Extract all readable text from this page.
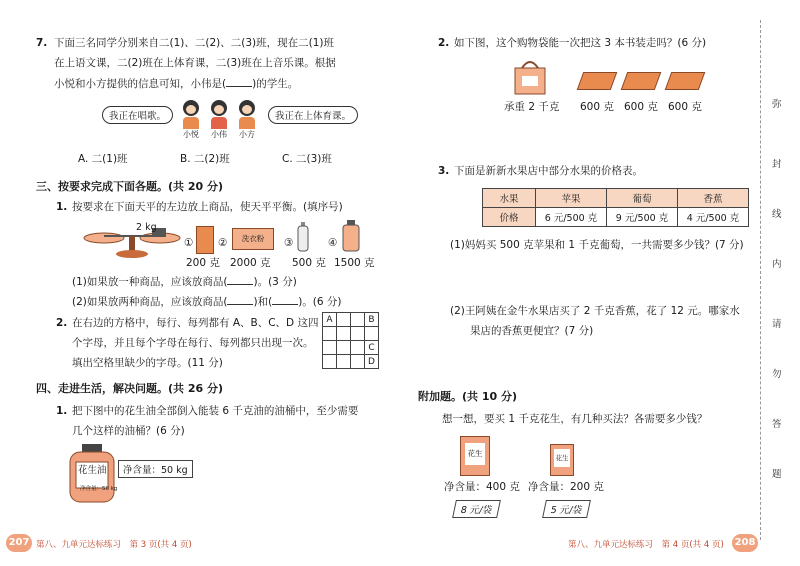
7. 下面三名同学分别来自二(1)、二(2)、二(3)班，现在二(1)班
在上语文课，二(2)班在上体育课，二(3)班在上音乐课。根据
小悦和小方提供的信息可知，小伟是( )的学生。
我正在唱歌。
小悦	小伟	小方
我正在上体育课。
A. 二(1)班	B. 二(2)班	C. 二(3)班
三、按要求完成下面各题。(共 20 分)
1. 按要求在下面天平的左边放上商品，使天平平衡。(填序号)
2 kg
①
200 克
②	洗衣粉
2000 克
③
500 克
④
1500 克
(1)如果放一种商品，应该放商品( )。(3 分)
(2)如果放两种商品，应该放商品( )和( )。(6 分)
2. 在右边的方格中，每行、每列都有 A、B、C、D 这四
个字母，并且每个字母在每行、每列都只出现一次。
填出空格里缺少的字母。(11 分)
A			B

			C
			D
四、走进生活，解决问题。(共 26 分)
1. 把下图中的花生油全部倒入能装 6 千克油的油桶中，至少需要
几个这样的油桶？(6 分)
花生油
净含量：50 kg
净含量：50 kg
207 第八、九单元达标练习　第 3 页(共 4 页)
2. 如下图，这个购物袋能一次把这 3 本书装走吗？(6 分)
承重 2 千克 600 克 600 克 600 克
3. 下面是新新水果店中部分水果的价格表。
水果	苹果	葡萄	香蕉
价格	6 元/500 克	9 元/500 克	4 元/500 克
(1)妈妈买 500 克苹果和 1 千克葡萄，一共需要多少钱？(7 分)
(2)王阿姨在金牛水果店买了 2 千克香蕉，花了 12 元。哪家水
果店的香蕉更便宜？(7 分)
附加题。(共 10 分)
想一想，要买 1 千克花生，有几种买法？各需要多少钱？
花生
净含量：400 克
8 元/袋
花生
净含量：200 克
5 元/袋
第八、九单元达标练习　第 4 页(共 4 页) 208
弥
封
线
内
请
勿
答
题
